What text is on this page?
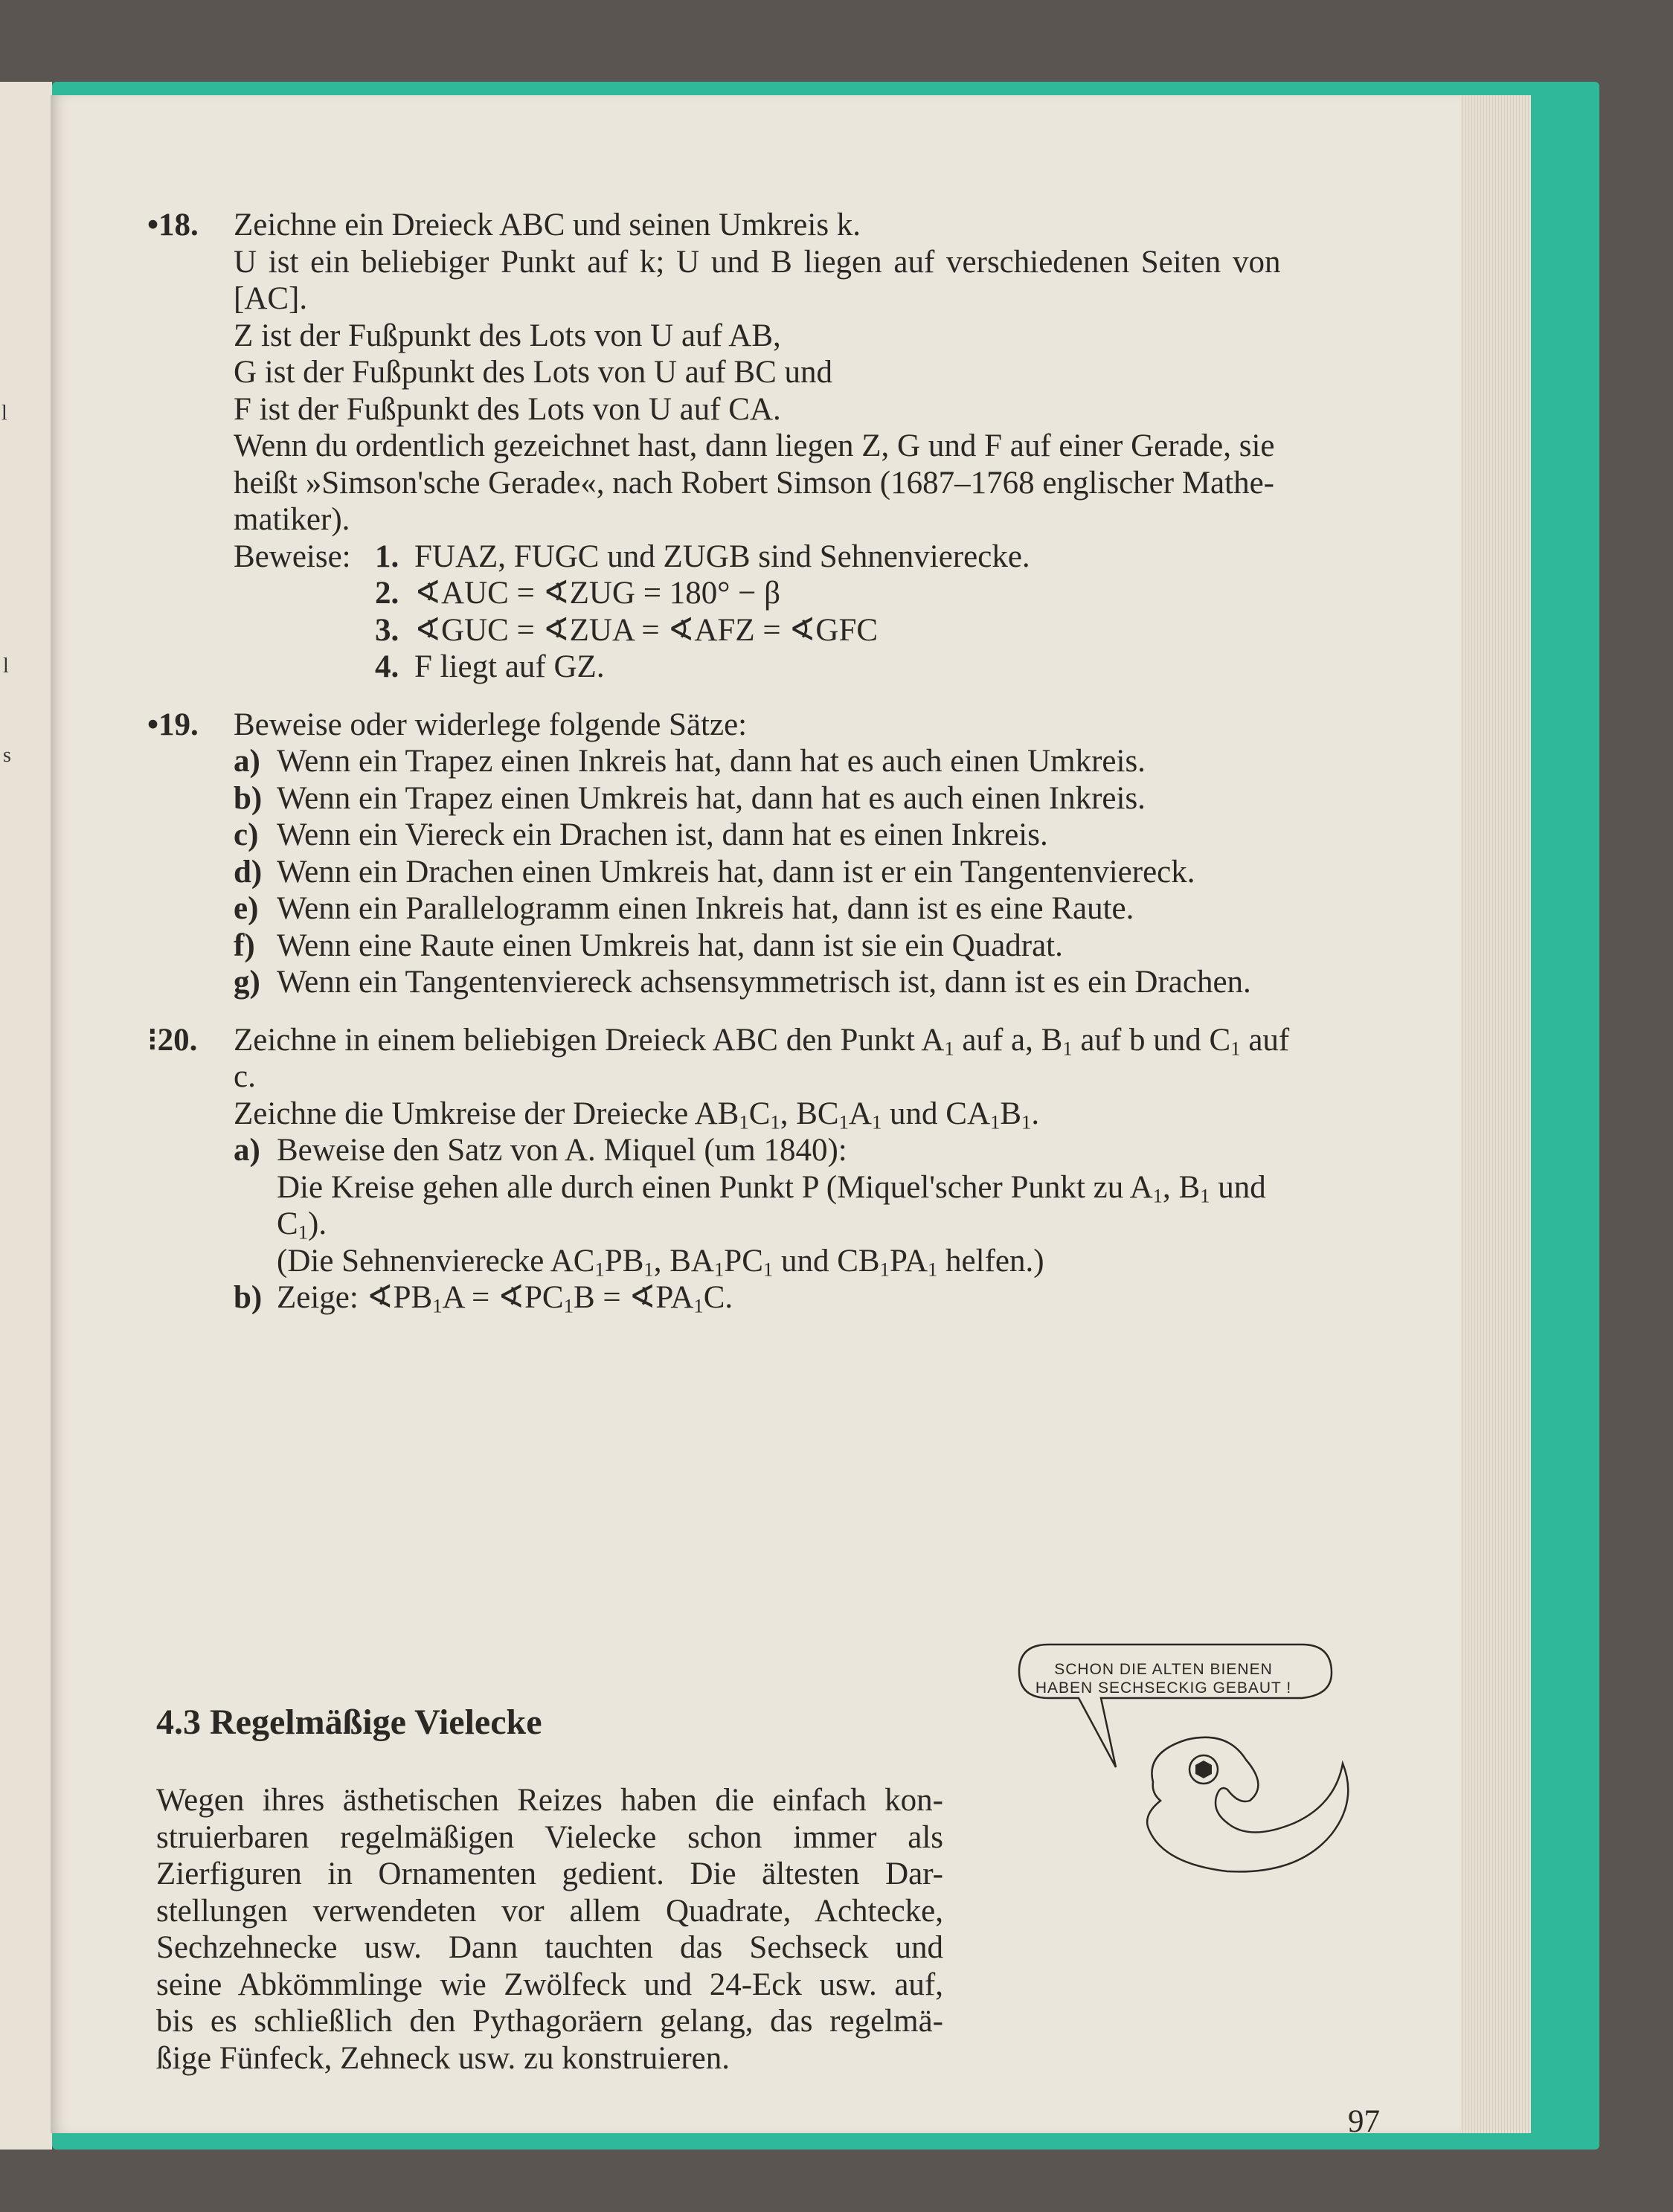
l
l
s
•18. Zeichne ein Dreieck ABC und seinen Umkreis k.
U ist ein beliebiger Punkt auf k; U und B liegen auf verschiedenen Seiten von
[AC].
Z ist der Fußpunkt des Lots von U auf AB,
G ist der Fußpunkt des Lots von U auf BC und
F ist der Fußpunkt des Lots von U auf CA.
Wenn du ordentlich gezeichnet hast, dann liegen Z, G und F auf einer Gerade, sie
heißt »Simson'sche Gerade«, nach Robert Simson (1687–1768 englischer Mathe-
matiker).
Beweise: 1. FUAZ, FUGC und ZUGB sind Sehnenvierecke.
2. ∢AUC = ∢ZUG = 180° − β
3. ∢GUC = ∢ZUA = ∢AFZ = ∢GFC
4. F liegt auf GZ.
•19. Beweise oder widerlege folgende Sätze:
a) Wenn ein Trapez einen Inkreis hat, dann hat es auch einen Umkreis.
b) Wenn ein Trapez einen Umkreis hat, dann hat es auch einen Inkreis.
c) Wenn ein Viereck ein Drachen ist, dann hat es einen Inkreis.
d) Wenn ein Drachen einen Umkreis hat, dann ist er ein Tangentenviereck.
e) Wenn ein Parallelogramm einen Inkreis hat, dann ist es eine Raute.
f) Wenn eine Raute einen Umkreis hat, dann ist sie ein Quadrat.
g) Wenn ein Tangentenviereck achsensymmetrisch ist, dann ist es ein Drachen.
⁝20. Zeichne in einem beliebigen Dreieck ABC den Punkt $A_1$ auf a, $B_1$ auf b und $C_1$ auf
c.
Zeichne die Umkreise der Dreiecke $AB_1C_1$, $BC_1A_1$ und $CA_1B_1$.
a) Beweise den Satz von A. Miquel (um 1840):
Die Kreise gehen alle durch einen Punkt P (Miquel'scher Punkt zu $A_1$, $B_1$ und
$C_1$).
(Die Sehnenvierecke $AC_1PB_1$, $BA_1PC_1$ und $CB_1PA_1$ helfen.)
b) Zeige: $∢PB_1A$ = $∢PC_1B$ = $∢PA_1C$.
SCHON DIE ALTEN BIENEN
HABEN SECHSECKIG GEBAUT !
4.3 Regelmäßige Vielecke
Wegen ihres ästhetischen Reizes haben die einfach kon-
struierbaren regelmäßigen Vielecke schon immer als
Zierfiguren in Ornamenten gedient. Die ältesten Dar-
stellungen verwendeten vor allem Quadrate, Achtecke,
Sechzehnecke usw. Dann tauchten das Sechseck und
seine Abkömmlinge wie Zwölfeck und 24-Eck usw. auf,
bis es schließlich den Pythagoräern gelang, das regelmä-
ßige Fünfeck, Zehneck usw. zu konstruieren.
97
